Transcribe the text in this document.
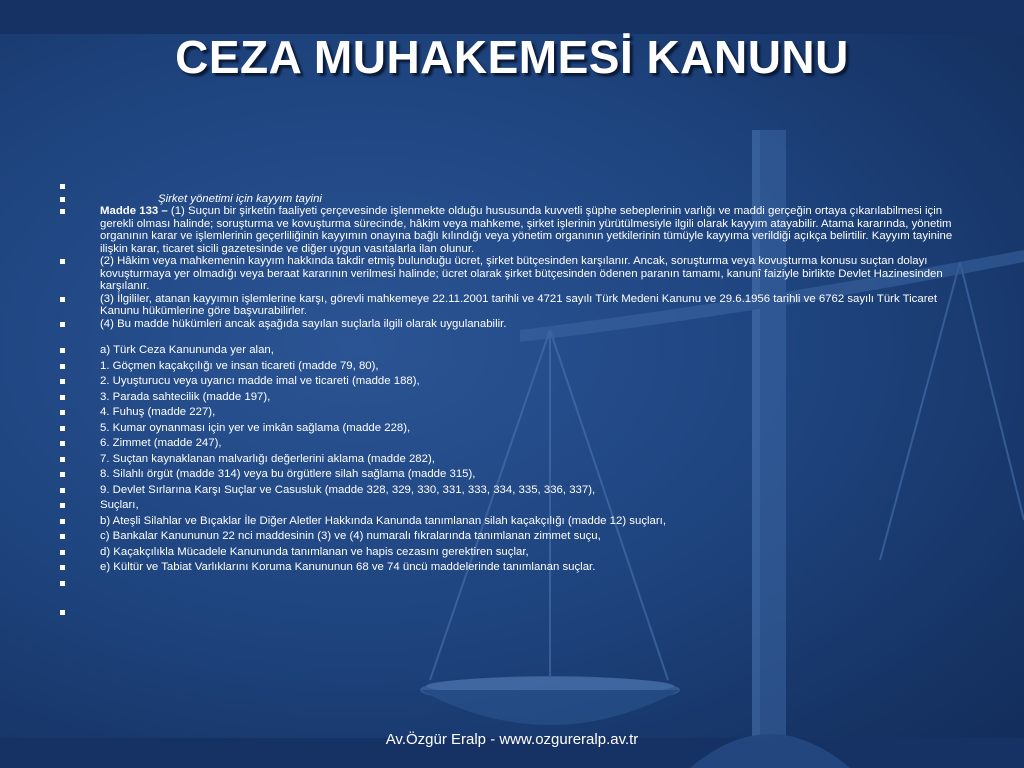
CEZA MUHAKEMESİ KANUNU
Şirket yönetimi için kayyım tayini
Madde 133 – (1) Suçun bir şirketin faaliyeti çerçevesinde işlenmekte olduğu hususunda kuvvetli şüphe sebeplerinin varlığı ve maddi gerçeğin ortaya çıkarılabilmesi için gerekli olması halinde; soruşturma ve kovuşturma sürecinde, hâkim veya mahkeme, şirket işlerinin yürütülmesiyle ilgili olarak kayyım atayabilir. Atama kararında, yönetim organının karar ve işlemlerinin geçerliliğinin kayyımın onayına bağlı kılındığı veya yönetim organının yetkilerinin tümüyle kayyıma verildiği açıkça belirtilir. Kayyım tayinine ilişkin karar, ticaret sicili gazetesinde ve diğer uygun vasıtalarla ilan olunur.
(2) Hâkim veya mahkemenin kayyım hakkında takdir etmiş bulunduğu ücret, şirket bütçesinden karşılanır. Ancak, soruşturma veya kovuşturma konusu suçtan dolayı kovuşturmaya yer olmadığı veya beraat kararının verilmesi halinde; ücret olarak şirket bütçesinden ödenen paranın tamamı, kanunî faiziyle birlikte Devlet Hazinesinden karşılanır.
(3) İlgililer, atanan kayyımın işlemlerine karşı, görevli mahkemeye 22.11.2001 tarihli ve 4721 sayılı Türk Medeni Kanunu ve 29.6.1956 tarihli ve 6762 sayılı Türk Ticaret Kanunu hükümlerine göre başvurabilirler.
(4) Bu madde hükümleri ancak aşağıda sayılan suçlarla ilgili olarak uygulanabilir.
a) Türk Ceza Kanununda yer alan,
1. Göçmen kaçakçılığı ve insan ticareti (madde 79, 80),
2. Uyuşturucu veya uyarıcı madde imal ve ticareti (madde 188),
3. Parada sahtecilik (madde 197),
4. Fuhuş (madde 227),
5. Kumar oynanması için yer ve imkân sağlama (madde 228),
6. Zimmet (madde 247),
7. Suçtan kaynaklanan malvarlığı değerlerini aklama (madde 282),
8. Silahlı örgüt (madde 314) veya bu örgütlere silah sağlama (madde 315),
9. Devlet Sırlarına Karşı Suçlar ve Casusluk (madde 328, 329, 330, 331, 333, 334, 335, 336, 337),
Suçları,
b) Ateşli Silahlar ve Bıçaklar İle Diğer Aletler Hakkında Kanunda tanımlanan silah kaçakçılığı (madde 12) suçları,
c) Bankalar Kanununun 22 nci maddesinin (3) ve (4) numaralı fıkralarında tanımlanan zimmet suçu,
d) Kaçakçılıkla Mücadele Kanununda tanımlanan ve hapis cezasını gerektiren suçlar,
e) Kültür ve Tabiat Varlıklarını Koruma Kanununun 68 ve 74 üncü maddelerinde tanımlanan suçlar.
Av.Özgür Eralp - www.ozgureralp.av.tr
